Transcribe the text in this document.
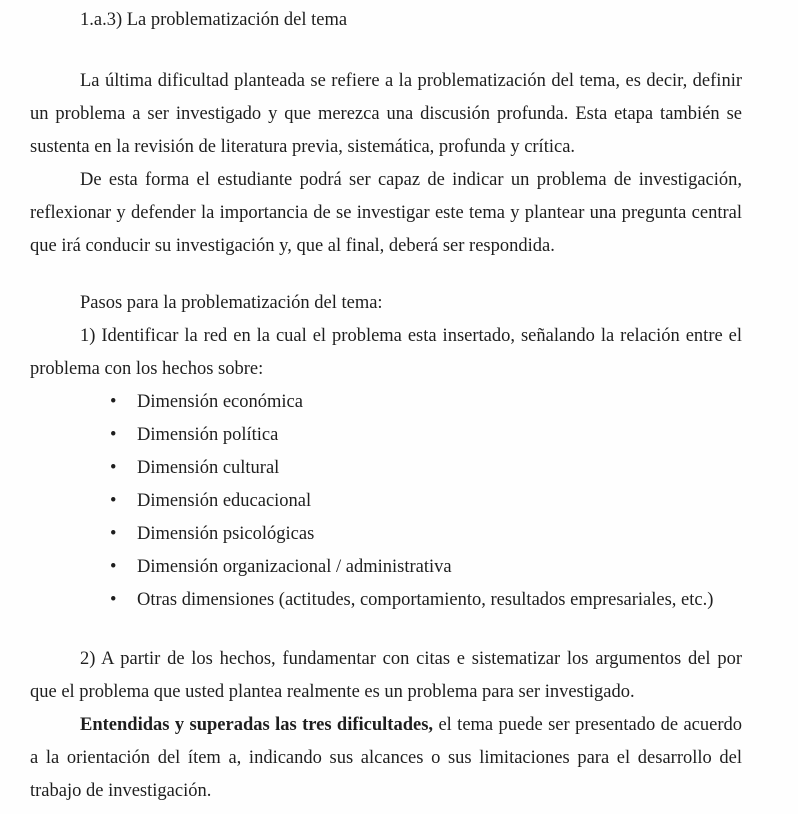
1.a.3) La problematización del tema

La última dificultad planteada se refiere a la problematización del tema, es decir, definir un problema a ser investigado y que merezca una discusión profunda. Esta etapa también se sustenta en la revisión de literatura previa, sistemática, profunda y crítica.

De esta forma el estudiante podrá ser capaz de indicar un problema de investigación, reflexionar y defender la importancia de se investigar este tema y plantear una pregunta central que irá conducir su investigación y, que al final, deberá ser respondida.

Pasos para la problematización del tema:

1) Identificar la red en la cual el problema esta insertado, señalando la relación entre el problema con los hechos sobre:

•	Dimensión económica
•	Dimensión política
•	Dimensión cultural
•	Dimensión educacional
•	Dimensión psicológicas
•	Dimensión organizacional / administrativa
•	Otras dimensiones (actitudes, comportamiento, resultados empresariales, etc.)

2) A partir de los hechos, fundamentar con citas e sistematizar los argumentos del por que el problema que usted plantea realmente es un problema para ser investigado.

Entendidas y superadas las tres dificultades, el tema puede ser presentado de acuerdo a la orientación del ítem a, indicando sus alcances o sus limitaciones para el desarrollo del trabajo de investigación.
